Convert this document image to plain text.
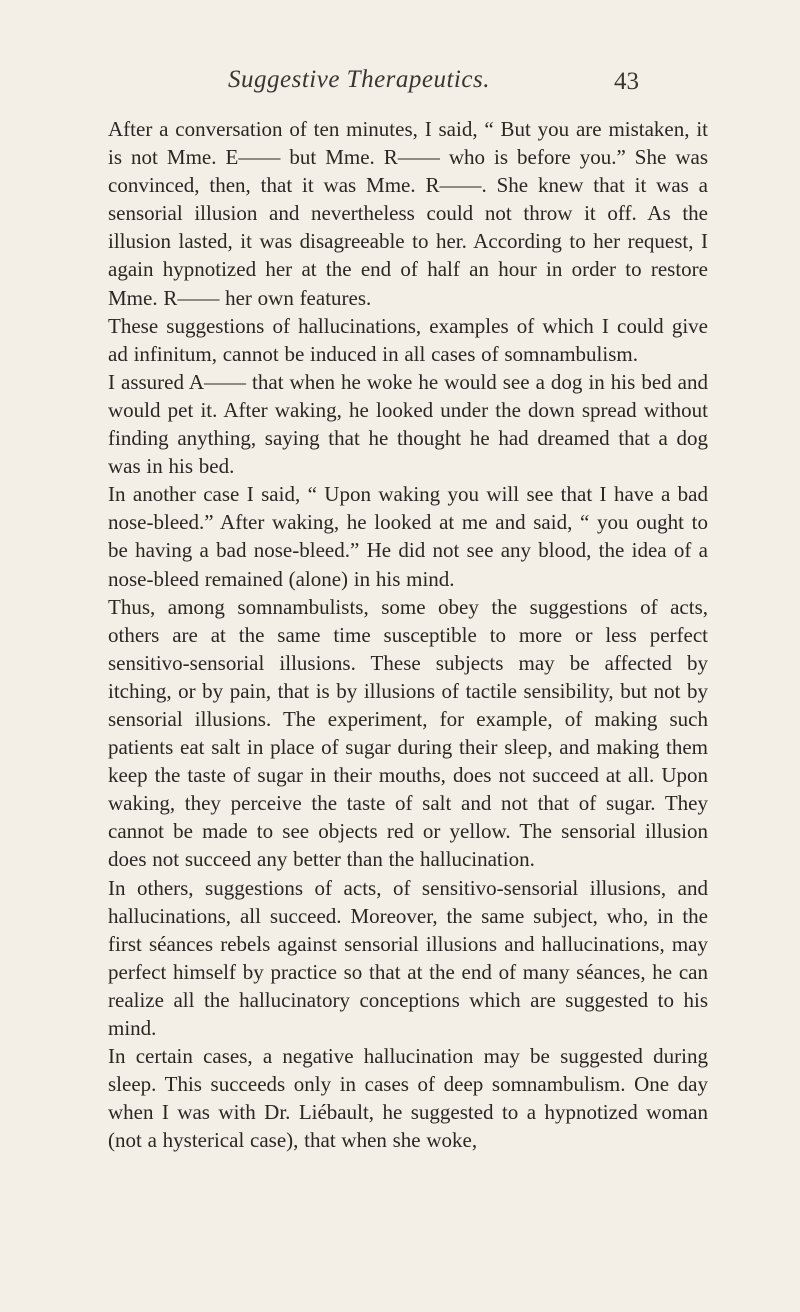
Suggestive Therapeutics.	43

After a conversation of ten minutes, I said, “ But you are mistaken, it is not Mme. E—— but Mme. R—— who is before you.” She was convinced, then, that it was Mme. R——. She knew that it was a sensorial illusion and nevertheless could not throw it off. As the illusion lasted, it was disagreeable to her. According to her request, I again hypnotized her at the end of half an hour in order to restore Mme. R—— her own features.

These suggestions of hallucinations, examples of which I could give ad infinitum, cannot be induced in all cases of somnambulism.

I assured A—— that when he woke he would see a dog in his bed and would pet it. After waking, he looked under the down spread without finding anything, saying that he thought he had dreamed that a dog was in his bed.

In another case I said, “ Upon waking you will see that I have a bad nose-bleed.” After waking, he looked at me and said, “ you ought to be having a bad nose-bleed.” He did not see any blood, the idea of a nose-bleed remained (alone) in his mind.

Thus, among somnambulists, some obey the suggestions of acts, others are at the same time susceptible to more or less perfect sensitivo-sensorial illusions. These subjects may be affected by itching, or by pain, that is by illusions of tactile sensibility, but not by sensorial illusions. The experiment, for example, of making such patients eat salt in place of sugar during their sleep, and making them keep the taste of sugar in their mouths, does not succeed at all. Upon waking, they perceive the taste of salt and not that of sugar. They cannot be made to see objects red or yellow. The sensorial illusion does not succeed any better than the hallucination.

In others, suggestions of acts, of sensitivo-sensorial illusions, and hallucinations, all succeed. Moreover, the same subject, who, in the first séances rebels against sensorial illusions and hallucinations, may perfect himself by practice so that at the end of many séances, he can realize all the hallucinatory conceptions which are suggested to his mind.

In certain cases, a negative hallucination may be suggested during sleep. This succeeds only in cases of deep somnambulism. One day when I was with Dr. Liébault, he suggested to a hypnotized woman (not a hysterical case), that when she woke,
